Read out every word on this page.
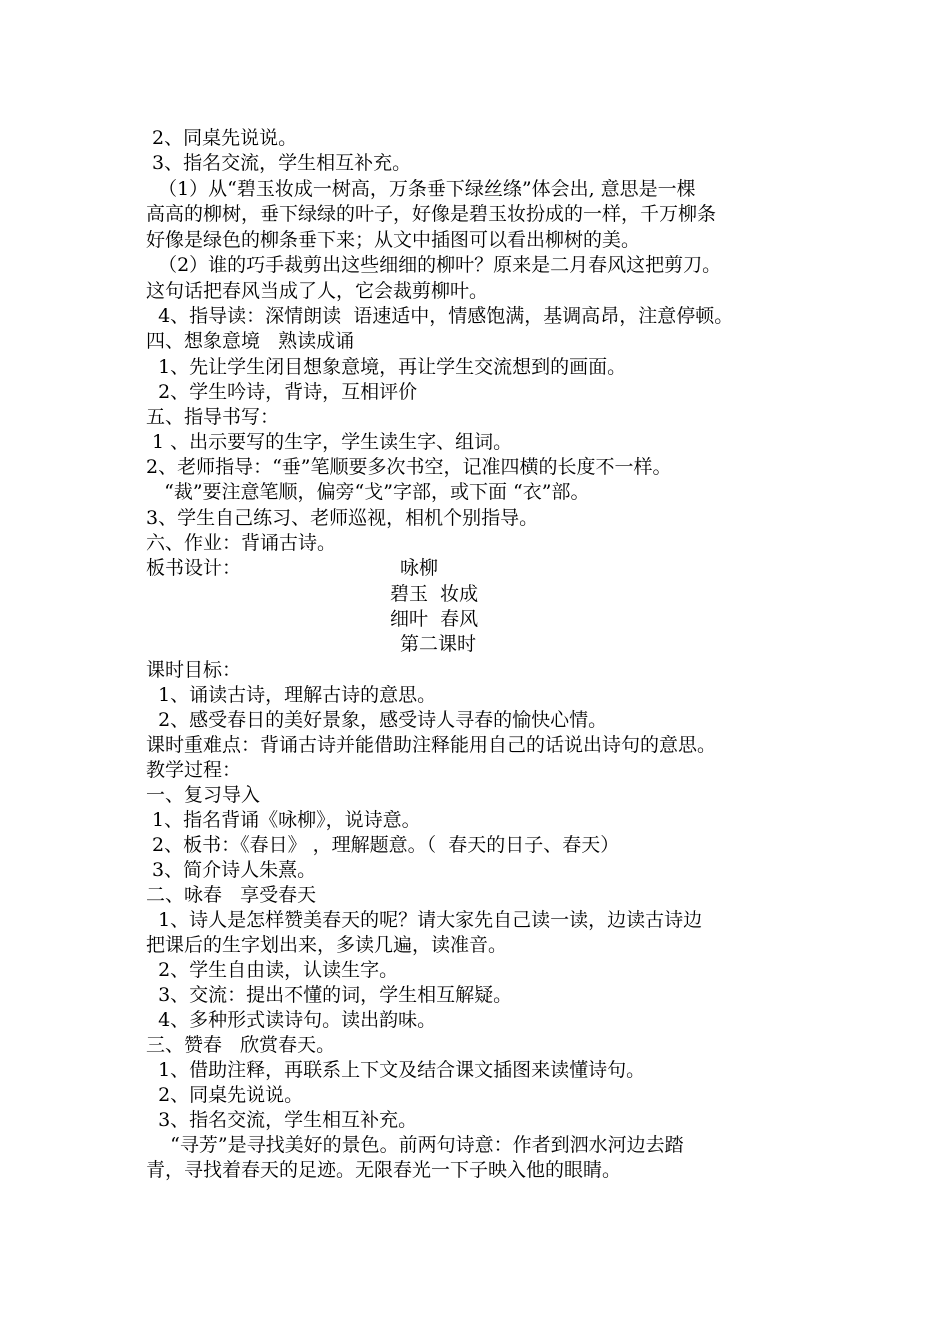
2、同桌先说说。
3、指名交流，学生相互补充。
（1）从“碧玉妆成一树高，万条垂下绿丝绦”体会出, 意思是一棵
高高的柳树，垂下绿绿的叶子，好像是碧玉妆扮成的一样，千万柳条
好像是绿色的柳条垂下来；从文中插图可以看出柳树的美。
（2）谁的巧手裁剪出这些细细的柳叶？原来是二月春风这把剪刀。
这句话把春风当成了人，它会裁剪柳叶。
4、指导读：深情朗读  语速适中，情感饱满，基调高昂，注意停顿。
四、想象意境   熟读成诵
1、先让学生闭目想象意境，再让学生交流想到的画面。
2、学生吟诗，背诗，互相评价
五、指导书写：
1 、出示要写的生字，学生读生字、组词。
2、老师指导：“垂”笔顺要多次书空，记准四横的长度不一样。
“裁”要注意笔顺，偏旁“戈”字部，或下面 “衣”部。
3、学生自己练习、老师巡视，相机个别指导。
六、作业：背诵古诗。
板书设计：	咏柳
碧玉  妆成
细叶  春风
第二课时
课时目标：
1、诵读古诗，理解古诗的意思。
2、感受春日的美好景象，感受诗人寻春的愉快心情。
课时重难点：背诵古诗并能借助注释能用自己的话说出诗句的意思。
教学过程：
一、复习导入
1、指名背诵《咏柳》，说诗意。
2、板书：《春日》 ，理解题意。（  春天的日子、春天）
3、简介诗人朱熹。
二、咏春   享受春天
1、诗人是怎样赞美春天的呢？请大家先自己读一读，边读古诗边
把课后的生字划出来，多读几遍，读准音。
2、学生自由读，认读生字。
3、交流：提出不懂的词，学生相互解疑。
4、多种形式读诗句。读出韵味。
三、赞春   欣赏春天。
1、借助注释，再联系上下文及结合课文插图来读懂诗句。
2、同桌先说说。
3、指名交流，学生相互补充。
“寻芳”是寻找美好的景色。前两句诗意：作者到泗水河边去踏
青，寻找着春天的足迹。无限春光一下子映入他的眼睛。
